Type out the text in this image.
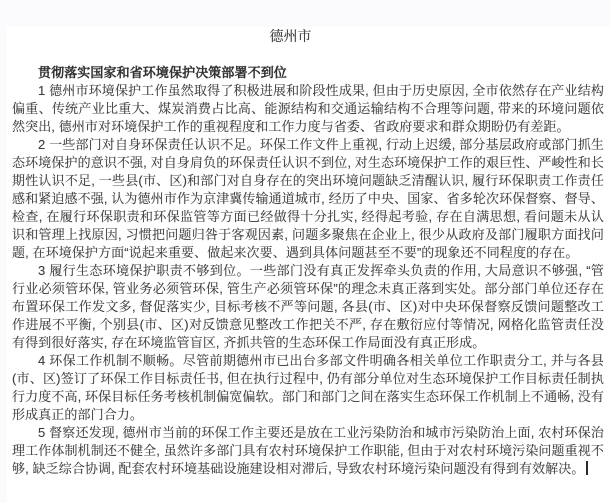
德州市

贯彻落实国家和省环境保护决策部署不到位

1 德州市环境保护工作虽然取得了积极进展和阶段性成果, 但由于历史原因, 全市依然存在产业结构偏重、传统产业比重大、煤炭消费占比高、能源结构和交通运输结构不合理等问题, 带来的环境问题依然突出, 德州市对环境保护工作的重视程度和工作力度与省委、省政府要求和群众期盼仍有差距。

2 一些部门对自身环保责任认识不足。环保工作文件上重视, 行动上迟缓, 部分基层政府或部门抓生态环境保护的意识不强, 对自身肩负的环保责任认识不到位, 对生态环境保护工作的艰巨性、严峻性和长期性认识不足, 一些县(市、区)和部门对自身存在的突出环境问题缺乏清醒认识, 履行环保职责工作责任感和紧迫感不强, 认为德州市作为京津冀传输通道城市, 经历了中央、国家、省多轮次环保督察、督导、检查, 在履行环保职责和环保监管等方面已经做得十分扎实, 经得起考验, 存在自满思想, 看问题未从认识和管理上找原因, 习惯把问题归咎于客观因素, 问题多聚焦在企业上, 很少从政府及部门履职方面找问题, 在环境保护方面“说起来重要、做起来次要、遇到具体问题甚至不要”的现象还不同程度的存在。

3 履行生态环境保护职责不够到位。一些部门没有真正发挥牵头负责的作用, 大局意识不够强, “管行业必须管环保, 管业务必须管环保, 管生产必须管环保”的理念未真正落到实处。部分部门单位还存在布置环保工作发文多, 督促落实少, 目标考核不严等问题, 各县(市、区)对中央环保督察反馈问题整改工作进展不平衡, 个别县(市、区)对反馈意见整改工作把关不严, 存在敷衍应付等情况, 网格化监管责任没有得到很好落实, 存在环境监管盲区, 齐抓共管的生态环保工作局面没有真正形成。

4 环保工作机制不顺畅。尽管前期德州市已出台多部文件明确各相关单位工作职责分工, 并与各县(市、区)签订了环保工作目标责任书, 但在执行过程中, 仍有部分单位对生态环境保护工作目标责任制执行力度不高, 环保目标任务考核机制偏宽偏软。部门和部门之间在落实生态环保工作机制上不通畅, 没有形成真正的部门合力。

5 督察还发现, 德州市当前的环保工作主要还是放在工业污染防治和城市污染防治上面, 农村环保治理工作体制机制还不健全, 虽然许多部门具有农村环境保护工作职能, 但由于对农村环境污染问题重视不够, 缺乏综合协调, 配套农村环境基础设施建设相对滞后, 导致农村环境污染问题没有得到有效解决。
